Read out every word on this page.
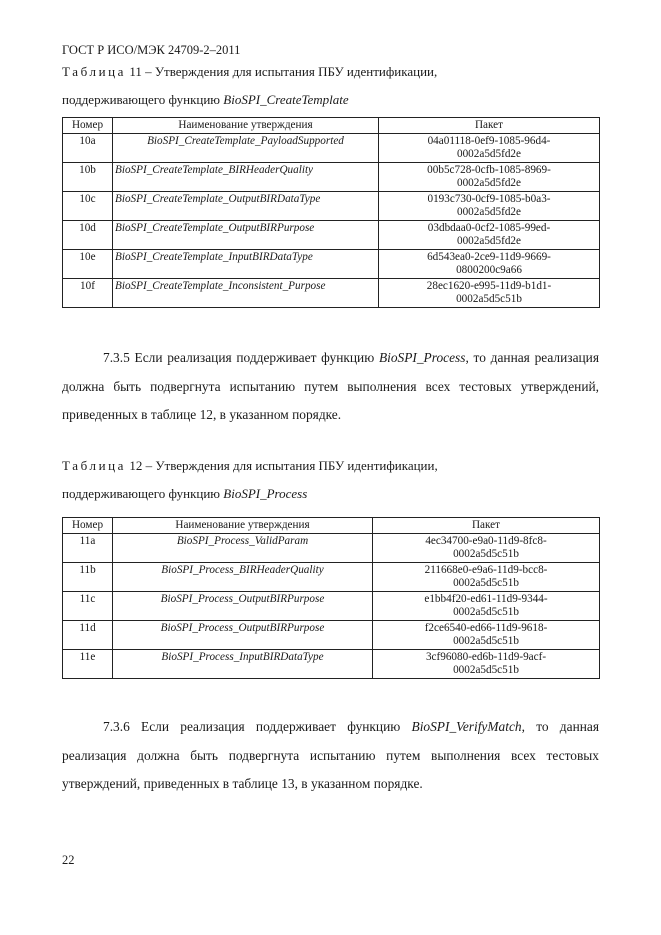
ГОСТ Р ИСО/МЭК 24709-2–2011
Таблица 11 – Утверждения для испытания ПБУ идентификации,
поддерживающего функцию BioSPI_CreateTemplate
Номер	Наименование утверждения	Пакет
10a	BioSPI_CreateTemplate_PayloadSupported	04a01118-0ef9-1085-96d4-
0002a5d5fd2e
10b	BioSPI_CreateTemplate_BIRHeaderQuality	00b5c728-0cfb-1085-8969-
0002a5d5fd2e
10c	BioSPI_CreateTemplate_OutputBIRDataType	0193c730-0cf9-1085-b0a3-
0002a5d5fd2e
10d	BioSPI_CreateTemplate_OutputBIRPurpose	03dbdaa0-0cf2-1085-99ed-
0002a5d5fd2e
10e	BioSPI_CreateTemplate_InputBIRDataType	6d543ea0-2ce9-11d9-9669-
0800200c9a66
10f	BioSPI_CreateTemplate_Inconsistent_Purpose	28ec1620-e995-11d9-b1d1-
0002a5d5c51b

7.3.5 Если реализация поддерживает функцию BioSPI_Process, то данная реализация должна быть подвергнута испытанию путем выполнения всех тестовых утверждений, приведенных в таблице 12, в указанном порядке.

Таблица 12 – Утверждения для испытания ПБУ идентификации,
поддерживающего функцию BioSPI_Process
Номер	Наименование утверждения	Пакет
11a	BioSPI_Process_ValidParam	4ec34700-e9a0-11d9-8fc8-
0002a5d5c51b
11b	BioSPI_Process_BIRHeaderQuality	211668e0-e9a6-11d9-bcc8-
0002a5d5c51b
11c	BioSPI_Process_OutputBIRPurpose	e1bb4f20-ed61-11d9-9344-
0002a5d5c51b
11d	BioSPI_Process_OutputBIRPurpose	f2ce6540-ed66-11d9-9618-
0002a5d5c51b
11e	BioSPI_Process_InputBIRDataType	3cf96080-ed6b-11d9-9acf-
0002a5d5c51b

7.3.6 Если реализация поддерживает функцию BioSPI_VerifyMatch, то данная реализация должна быть подвергнута испытанию путем выполнения всех тестовых утверждений, приведенных в таблице 13, в указанном порядке.

22
